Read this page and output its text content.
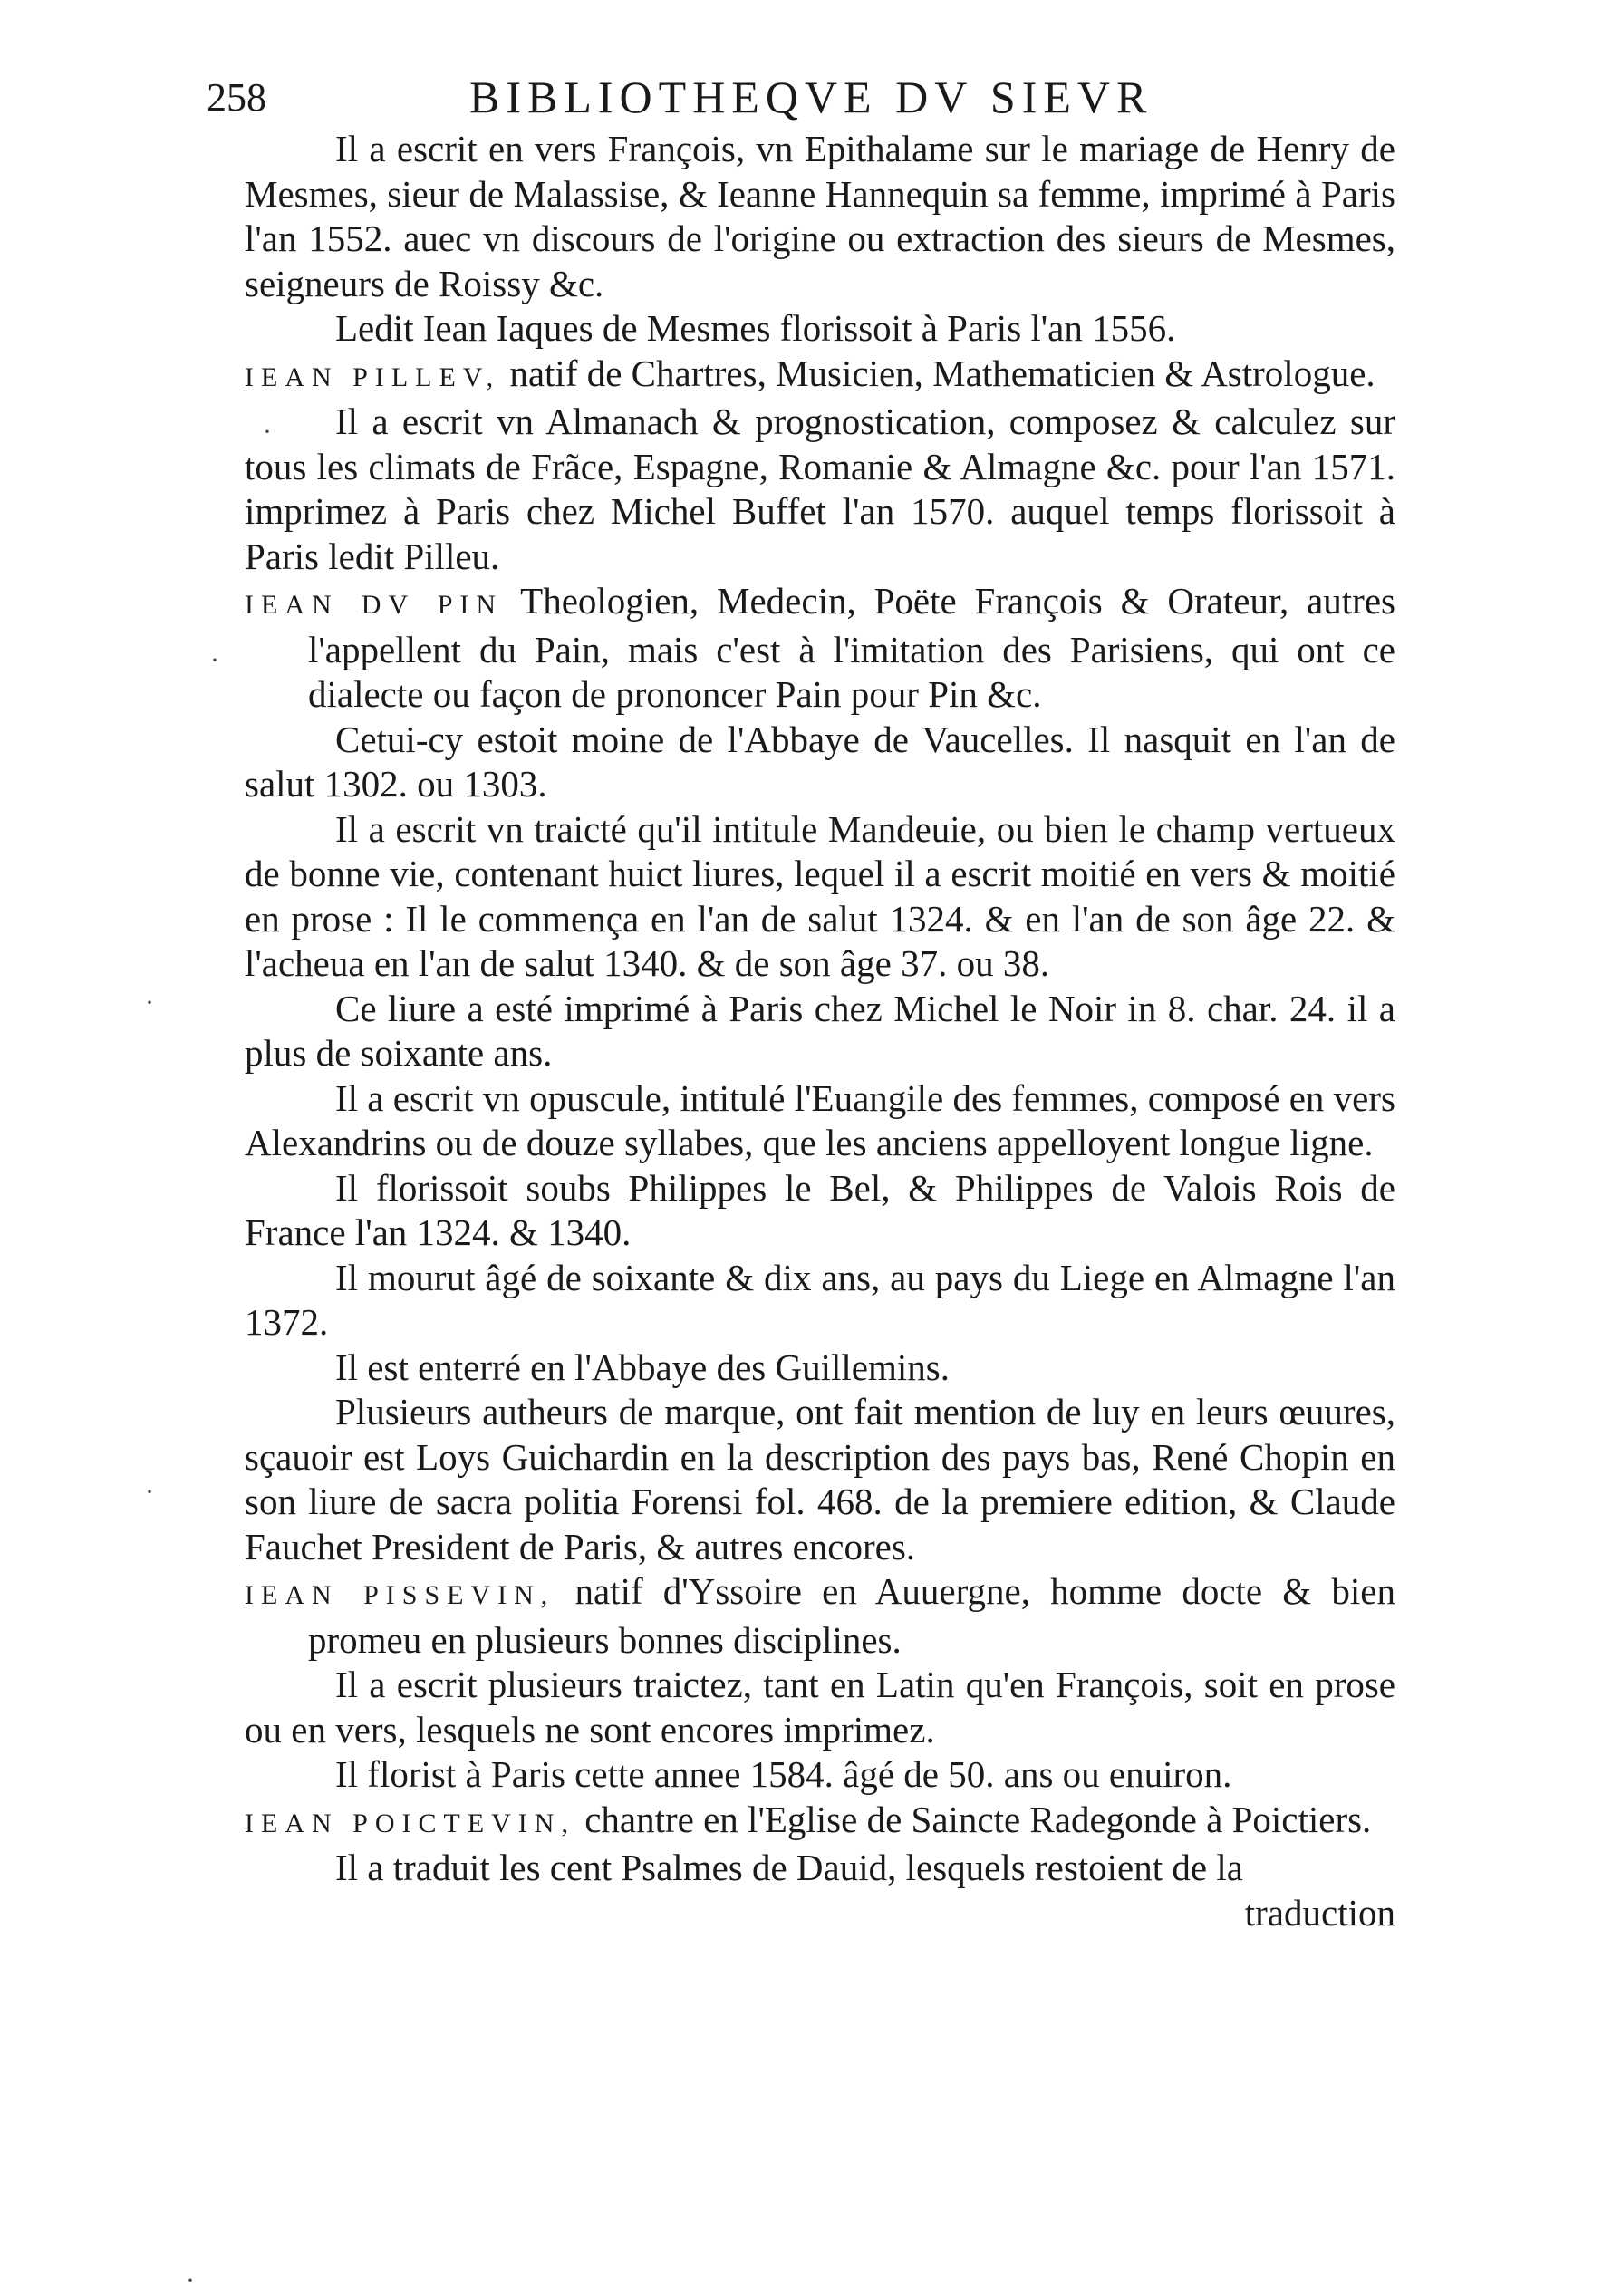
258	BIBLIOTHEQVE DV SIEVR

Il a escrit en vers François, vn Epithalame sur le mariage de Henry de Mesmes, sieur de Malassise, & Ieanne Hannequin sa femme, imprimé à Paris l'an 1552. auec vn discours de l'origine ou extraction des sieurs de Mesmes, seigneurs de Roissy &c.

Ledit Iean Iaques de Mesmes florissoit à Paris l'an 1556.

IEAN PILLEV, natif de Chartres, Musicien, Mathematicien & Astrologue.

Il a escrit vn Almanach & prognostication, composez & calculez sur tous les climats de Frãce, Espagne, Romanie & Almagne &c. pour l'an 1571. imprimez à Paris chez Michel Buffet l'an 1570. auquel temps florissoit à Paris ledit Pilleu.

IEAN DV PIN Theologien, Medecin, Poëte François & Orateur, autres l'appellent du Pain, mais c'est à l'imitation des Parisiens, qui ont ce dialecte ou façon de prononcer Pain pour Pin &c.

Cetui-cy estoit moine de l'Abbaye de Vaucelles. Il nasquit en l'an de salut 1302. ou 1303.

Il a escrit vn traicté qu'il intitule Mandeuie, ou bien le champ vertueux de bonne vie, contenant huict liures, lequel il a escrit moitié en vers & moitié en prose : Il le commença en l'an de salut 1324. & en l'an de son âge 22. & l'acheua en l'an de salut 1340. & de son âge 37. ou 38.

Ce liure a esté imprimé à Paris chez Michel le Noir in 8. char. 24. il a plus de soixante ans.

Il a escrit vn opuscule, intitulé l'Euangile des femmes, composé en vers Alexandrins ou de douze syllabes, que les anciens appelloyent longue ligne.

Il florissoit soubs Philippes le Bel, & Philippes de Valois Rois de France l'an 1324. & 1340.

Il mourut âgé de soixante & dix ans, au pays du Liege en Almagne l'an 1372.

Il est enterré en l'Abbaye des Guillemins.

Plusieurs autheurs de marque, ont fait mention de luy en leurs œuures, sçauoir est Loys Guichardin en la description des pays bas, René Chopin en son liure de sacra politia Forensi fol. 468. de la premiere edition, & Claude Fauchet President de Paris, & autres encores.

IEAN PISSEVIN, natif d'Yssoire en Auuergne, homme docte & bien promeu en plusieurs bonnes disciplines.

Il a escrit plusieurs traictez, tant en Latin qu'en François, soit en prose ou en vers, lesquels ne sont encores imprimez.

Il florist à Paris cette annee 1584. âgé de 50. ans ou enuiron.

IEAN POICTEVIN, chantre en l'Eglise de Saincte Radegonde à Poictiers.

Il a traduit les cent Psalmes de Dauid, lesquels restoient de la

traduction

·
·
·
·
·
